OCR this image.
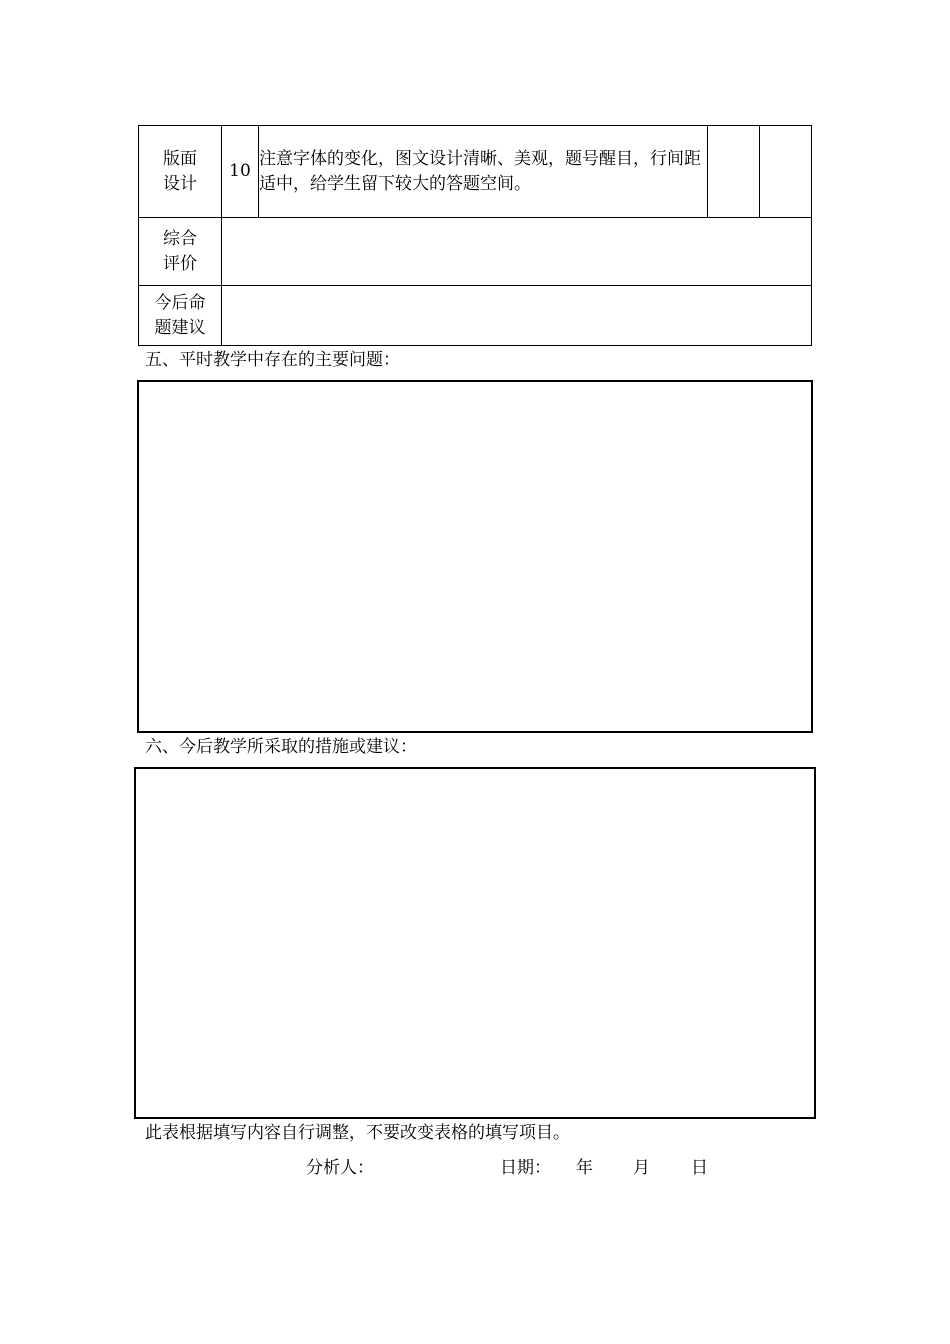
版面
设计	10	注意字体的变化，图文设计清晰、美观，题号醒目，行间距适中，给学生留下较大的答题空间。		

综合
评价				

今后命
题建议				

五、平时教学中存在的主要问题：
六、今后教学所采取的措施或建议：
此表根据填写内容自行调整，不要改变表格的填写项目。
分析人：	日期： 年 月 日
